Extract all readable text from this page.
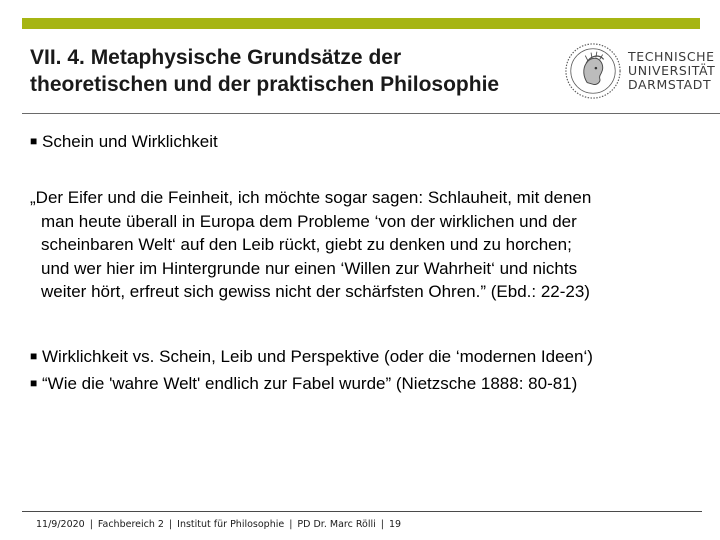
VII. 4. Metaphysische Grundsätze der
theoretischen und der praktischen Philosophie
TECHNISCHE
UNIVERSITÄT
DARMSTADT
■ Schein und Wirklichkeit
„Der Eifer und die Feinheit, ich möchte sogar sagen: Schlauheit, mit denen
man heute überall in Europa dem Probleme ‘von der wirklichen und der
scheinbaren Welt‘ auf den Leib rückt, giebt zu denken und zu horchen;
und wer hier im Hintergrunde nur einen ‘Willen zur Wahrheit‘ und nichts
weiter hört, erfreut sich gewiss nicht der schärfsten Ohren.” (Ebd.: 22-23)
■ Wirklichkeit vs. Schein, Leib und Perspektive (oder die ‘modernen Ideen‘)
■ “Wie die 'wahre Welt' endlich zur Fabel wurde” (Nietzsche 1888: 80-81)
11/9/2020 | Fachbereich 2 | Institut für Philosophie | PD Dr. Marc Rölli | 19
